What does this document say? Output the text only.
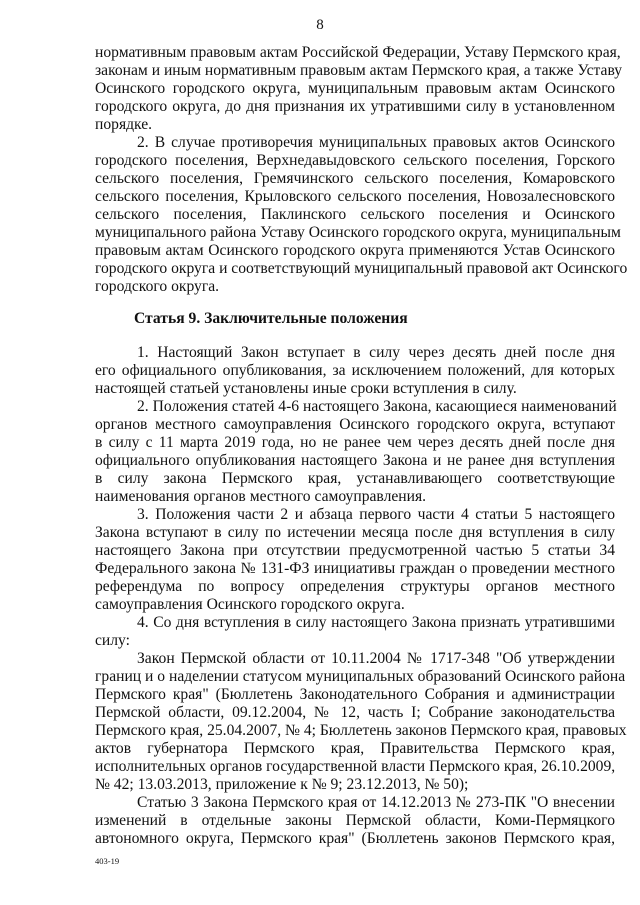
8
нормативным правовым актам Российской Федерации, Уставу Пермского края,
законам и иным нормативным правовым актам Пермского края, а также Уставу
Осинского городского округа, муниципальным правовым актам Осинского
городского округа, до дня признания их утратившими силу в установленном
порядке.
2. В случае противоречия муниципальных правовых актов Осинского
городского поселения, Верхнедавыдовского сельского поселения, Горского
сельского поселения, Гремячинского сельского поселения, Комаровского
сельского поселения, Крыловского сельского поселения, Новозалесновского
сельского поселения, Паклинского сельского поселения и Осинского
муниципального района Уставу Осинского городского округа, муниципальным
правовым актам Осинского городского округа применяются Устав Осинского
городского округа и соответствующий муниципальный правовой акт Осинского
городского округа.
Статья 9. Заключительные положения
1. Настоящий Закон вступает в силу через десять дней после дня
его официального опубликования, за исключением положений, для которых
настоящей статьей установлены иные сроки вступления в силу.
2. Положения статей 4-6 настоящего Закона, касающиеся наименований
органов местного самоуправления Осинского городского округа, вступают
в силу с 11 марта 2019 года, но не ранее чем через десять дней после дня
официального опубликования настоящего Закона и не ранее дня вступления
в силу закона Пермского края, устанавливающего соответствующие
наименования органов местного самоуправления.
3. Положения части 2 и абзаца первого части 4 статьи 5 настоящего
Закона вступают в силу по истечении месяца после дня вступления в силу
настоящего Закона при отсутствии предусмотренной частью 5 статьи 34
Федерального закона № 131-ФЗ инициативы граждан о проведении местного
референдума по вопросу определения структуры органов местного
самоуправления Осинского городского округа.
4. Со дня вступления в силу настоящего Закона признать утратившими
силу:
Закон Пермской области от 10.11.2004 № 1717-348 "Об утверждении
границ и о наделении статусом муниципальных образований Осинского района
Пермского края" (Бюллетень Законодательного Собрания и администрации
Пермской области, 09.12.2004, № 12, часть I; Собрание законодательства
Пермского края, 25.04.2007, № 4; Бюллетень законов Пермского края, правовых
актов губернатора Пермского края, Правительства Пермского края,
исполнительных органов государственной власти Пермского края, 26.10.2009,
№ 42; 13.03.2013, приложение к № 9; 23.12.2013, № 50);
Статью 3 Закона Пермского края от 14.12.2013 № 273-ПК "О внесении
изменений в отдельные законы Пермской области, Коми-Пермяцкого
автономного округа, Пермского края" (Бюллетень законов Пермского края,
403-19
